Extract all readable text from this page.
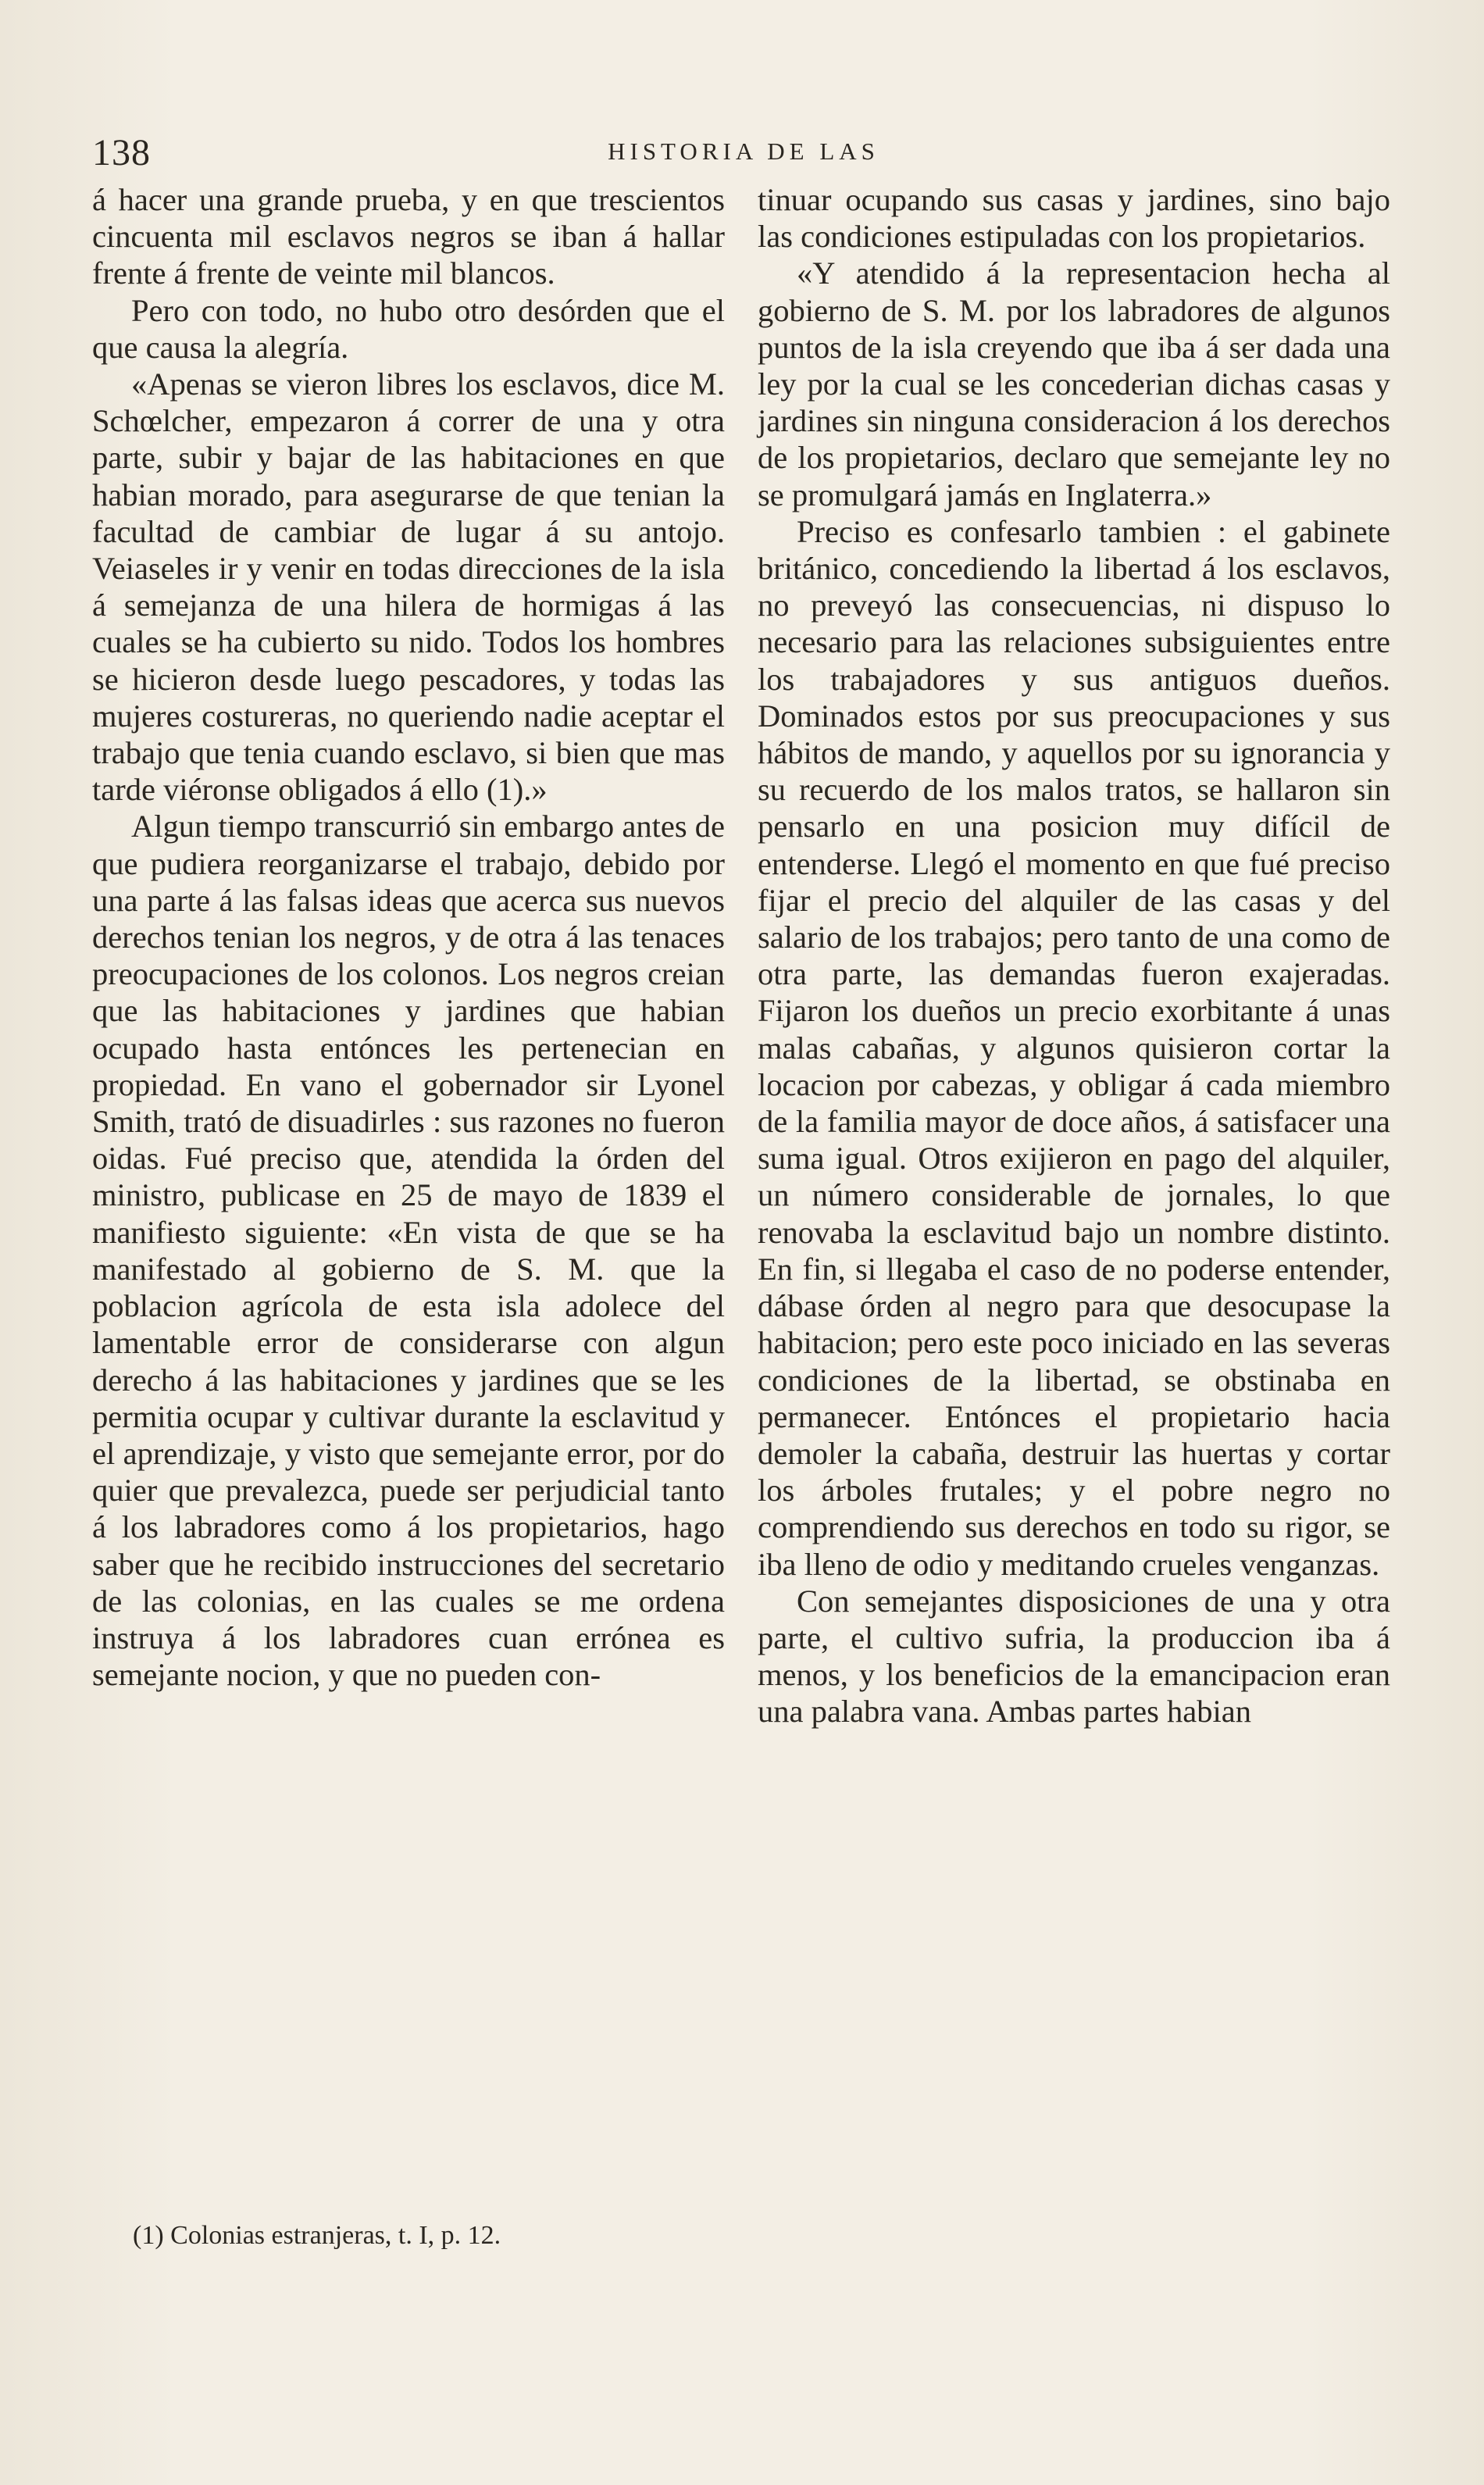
138	HISTORIA DE LAS

á hacer una grande prueba, y en que trescientos cincuenta mil esclavos negros se iban á hallar frente á frente de veinte mil blancos.

Pero con todo, no hubo otro desórden que el que causa la alegría.

«Apenas se vieron libres los esclavos, dice M. Schœlcher, empezaron á correr de una y otra parte, subir y bajar de las habitaciones en que habian morado, para asegurarse de que tenian la facultad de cambiar de lugar á su antojo. Veiaseles ir y venir en todas direcciones de la isla á semejanza de una hilera de hormigas á las cuales se ha cubierto su nido. Todos los hombres se hicieron desde luego pescadores, y todas las mujeres costureras, no queriendo nadie aceptar el trabajo que tenia cuando esclavo, si bien que mas tarde viéronse obligados á ello (1).»

Algun tiempo transcurrió sin embargo antes de que pudiera reorganizarse el trabajo, debido por una parte á las falsas ideas que acerca sus nuevos derechos tenian los negros, y de otra á las tenaces preocupaciones de los colonos. Los negros creian que las habitaciones y jardines que habian ocupado hasta entónces les pertenecian en propiedad. En vano el gobernador sir Lyonel Smith, trató de disuadirles : sus razones no fueron oidas. Fué preciso que, atendida la órden del ministro, publicase en 25 de mayo de 1839 el manifiesto siguiente: «En vista de que se ha manifestado al gobierno de S. M. que la poblacion agrícola de esta isla adolece del lamentable error de considerarse con algun derecho á las habitaciones y jardines que se les permitia ocupar y cultivar durante la esclavitud y el aprendizaje, y visto que semejante error, por do quier que prevalezca, puede ser perjudicial tanto á los labradores como á los propietarios, hago saber que he recibido instrucciones del secretario de las colonias, en las cuales se me ordena instruya á los labradores cuan errónea es semejante nocion, y que no pueden con-

tinuar ocupando sus casas y jardines, sino bajo las condiciones estipuladas con los propietarios.

«Y atendido á la representacion hecha al gobierno de S. M. por los labradores de algunos puntos de la isla creyendo que iba á ser dada una ley por la cual se les concederian dichas casas y jardines sin ninguna consideracion á los derechos de los propietarios, declaro que semejante ley no se promulgará jamás en Inglaterra.»

Preciso es confesarlo tambien : el gabinete británico, concediendo la libertad á los esclavos, no preveyó las consecuencias, ni dispuso lo necesario para las relaciones subsiguientes entre los trabajadores y sus antiguos dueños. Dominados estos por sus preocupaciones y sus hábitos de mando, y aquellos por su ignorancia y su recuerdo de los malos tratos, se hallaron sin pensarlo en una posicion muy difícil de entenderse. Llegó el momento en que fué preciso fijar el precio del alquiler de las casas y del salario de los trabajos; pero tanto de una como de otra parte, las demandas fueron exajeradas. Fijaron los dueños un precio exorbitante á unas malas cabañas, y algunos quisieron cortar la locacion por cabezas, y obligar á cada miembro de la familia mayor de doce años, á satisfacer una suma igual. Otros exijieron en pago del alquiler, un número considerable de jornales, lo que renovaba la esclavitud bajo un nombre distinto. En fin, si llegaba el caso de no poderse entender, dábase órden al negro para que desocupase la habitacion; pero este poco iniciado en las severas condiciones de la libertad, se obstinaba en permanecer. Entónces el propietario hacia demoler la cabaña, destruir las huertas y cortar los árboles frutales; y el pobre negro no comprendiendo sus derechos en todo su rigor, se iba lleno de odio y meditando crueles venganzas.

Con semejantes disposiciones de una y otra parte, el cultivo sufria, la produccion iba á menos, y los beneficios de la emancipacion eran una palabra vana. Ambas partes habian

(1) Colonias estranjeras, t. I, p. 12.
